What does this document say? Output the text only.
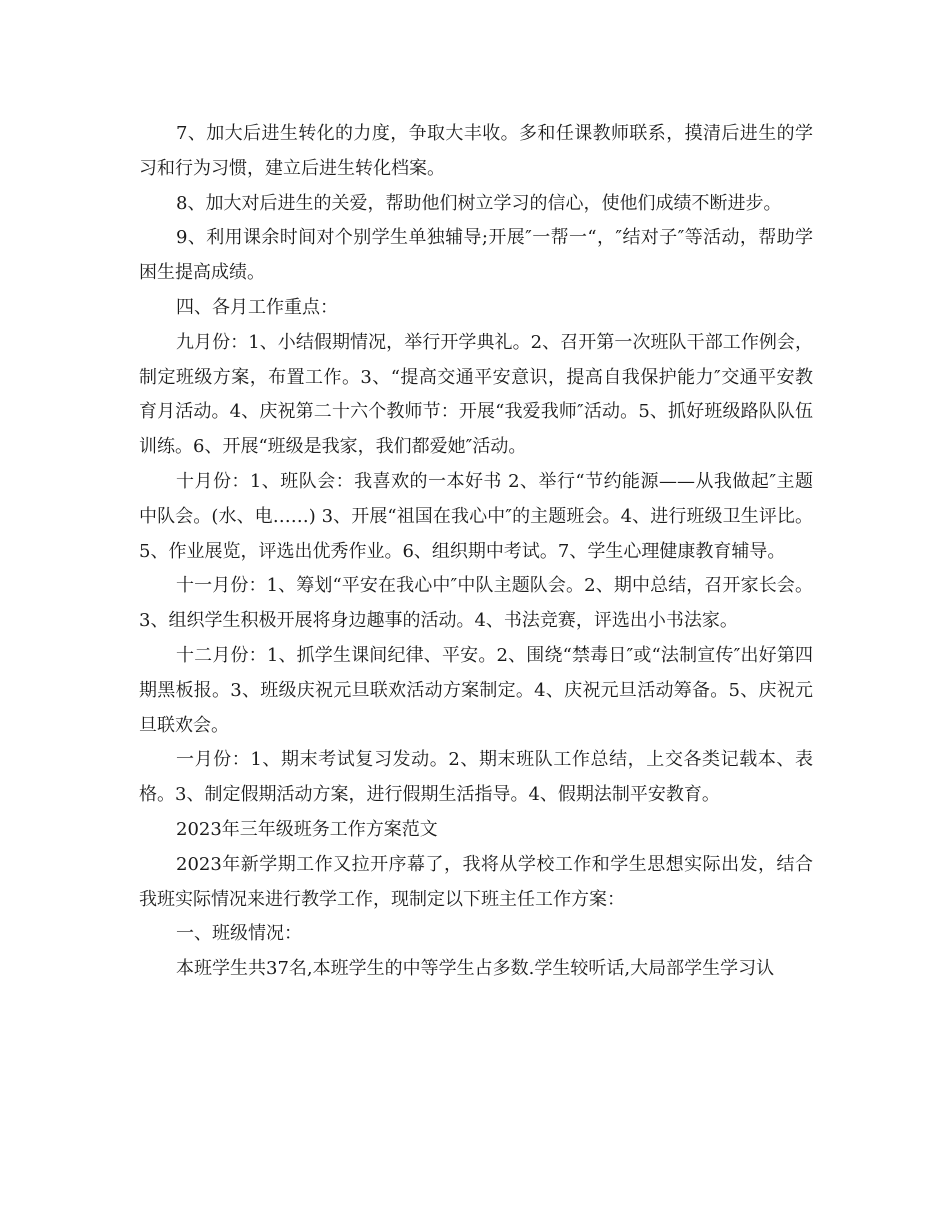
7、加大后进生转化的力度，争取大丰收。多和任课教师联系，摸清后进生的学习和行为习惯，建立后进生转化档案。

8、加大对后进生的关爱，帮助他们树立学习的信心，使他们成绩不断进步。

9、利用课余时间对个别学生单独辅导;开展″一帮一“，″结对子″等活动，帮助学困生提高成绩。

四、各月工作重点：

九月份：1、小结假期情况，举行开学典礼。2、召开第一次班队干部工作例会，制定班级方案，布置工作。3、“提高交通平安意识，提高自我保护能力″交通平安教育月活动。4、庆祝第二十六个教师节：开展“我爱我师″活动。5、抓好班级路队队伍训练。6、开展“班级是我家，我们都爱她″活动。

十月份：1、班队会：我喜欢的一本好书 2、举行“节约能源——从我做起″主题中队会。(水、电……) 3、开展“祖国在我心中″的主题班会。4、进行班级卫生评比。5、作业展览，评选出优秀作业。6、组织期中考试。7、学生心理健康教育辅导。

十一月份：1、筹划“平安在我心中″中队主题队会。2、期中总结，召开家长会。3、组织学生积极开展将身边趣事的活动。4、书法竞赛，评选出小书法家。

十二月份：1、抓学生课间纪律、平安。2、围绕“禁毒日″或“法制宣传″出好第四期黑板报。3、班级庆祝元旦联欢活动方案制定。4、庆祝元旦活动筹备。5、庆祝元旦联欢会。

一月份：1、期末考试复习发动。2、期末班队工作总结，上交各类记载本、表格。3、制定假期活动方案，进行假期生活指导。4、假期法制平安教育。

2023年三年级班务工作方案范文

2023年新学期工作又拉开序幕了，我将从学校工作和学生思想实际出发，结合我班实际情况来进行教学工作，现制定以下班主任工作方案：

一、班级情况：

本班学生共37名,本班学生的中等学生占多数.学生较听话,大局部学生学习认
